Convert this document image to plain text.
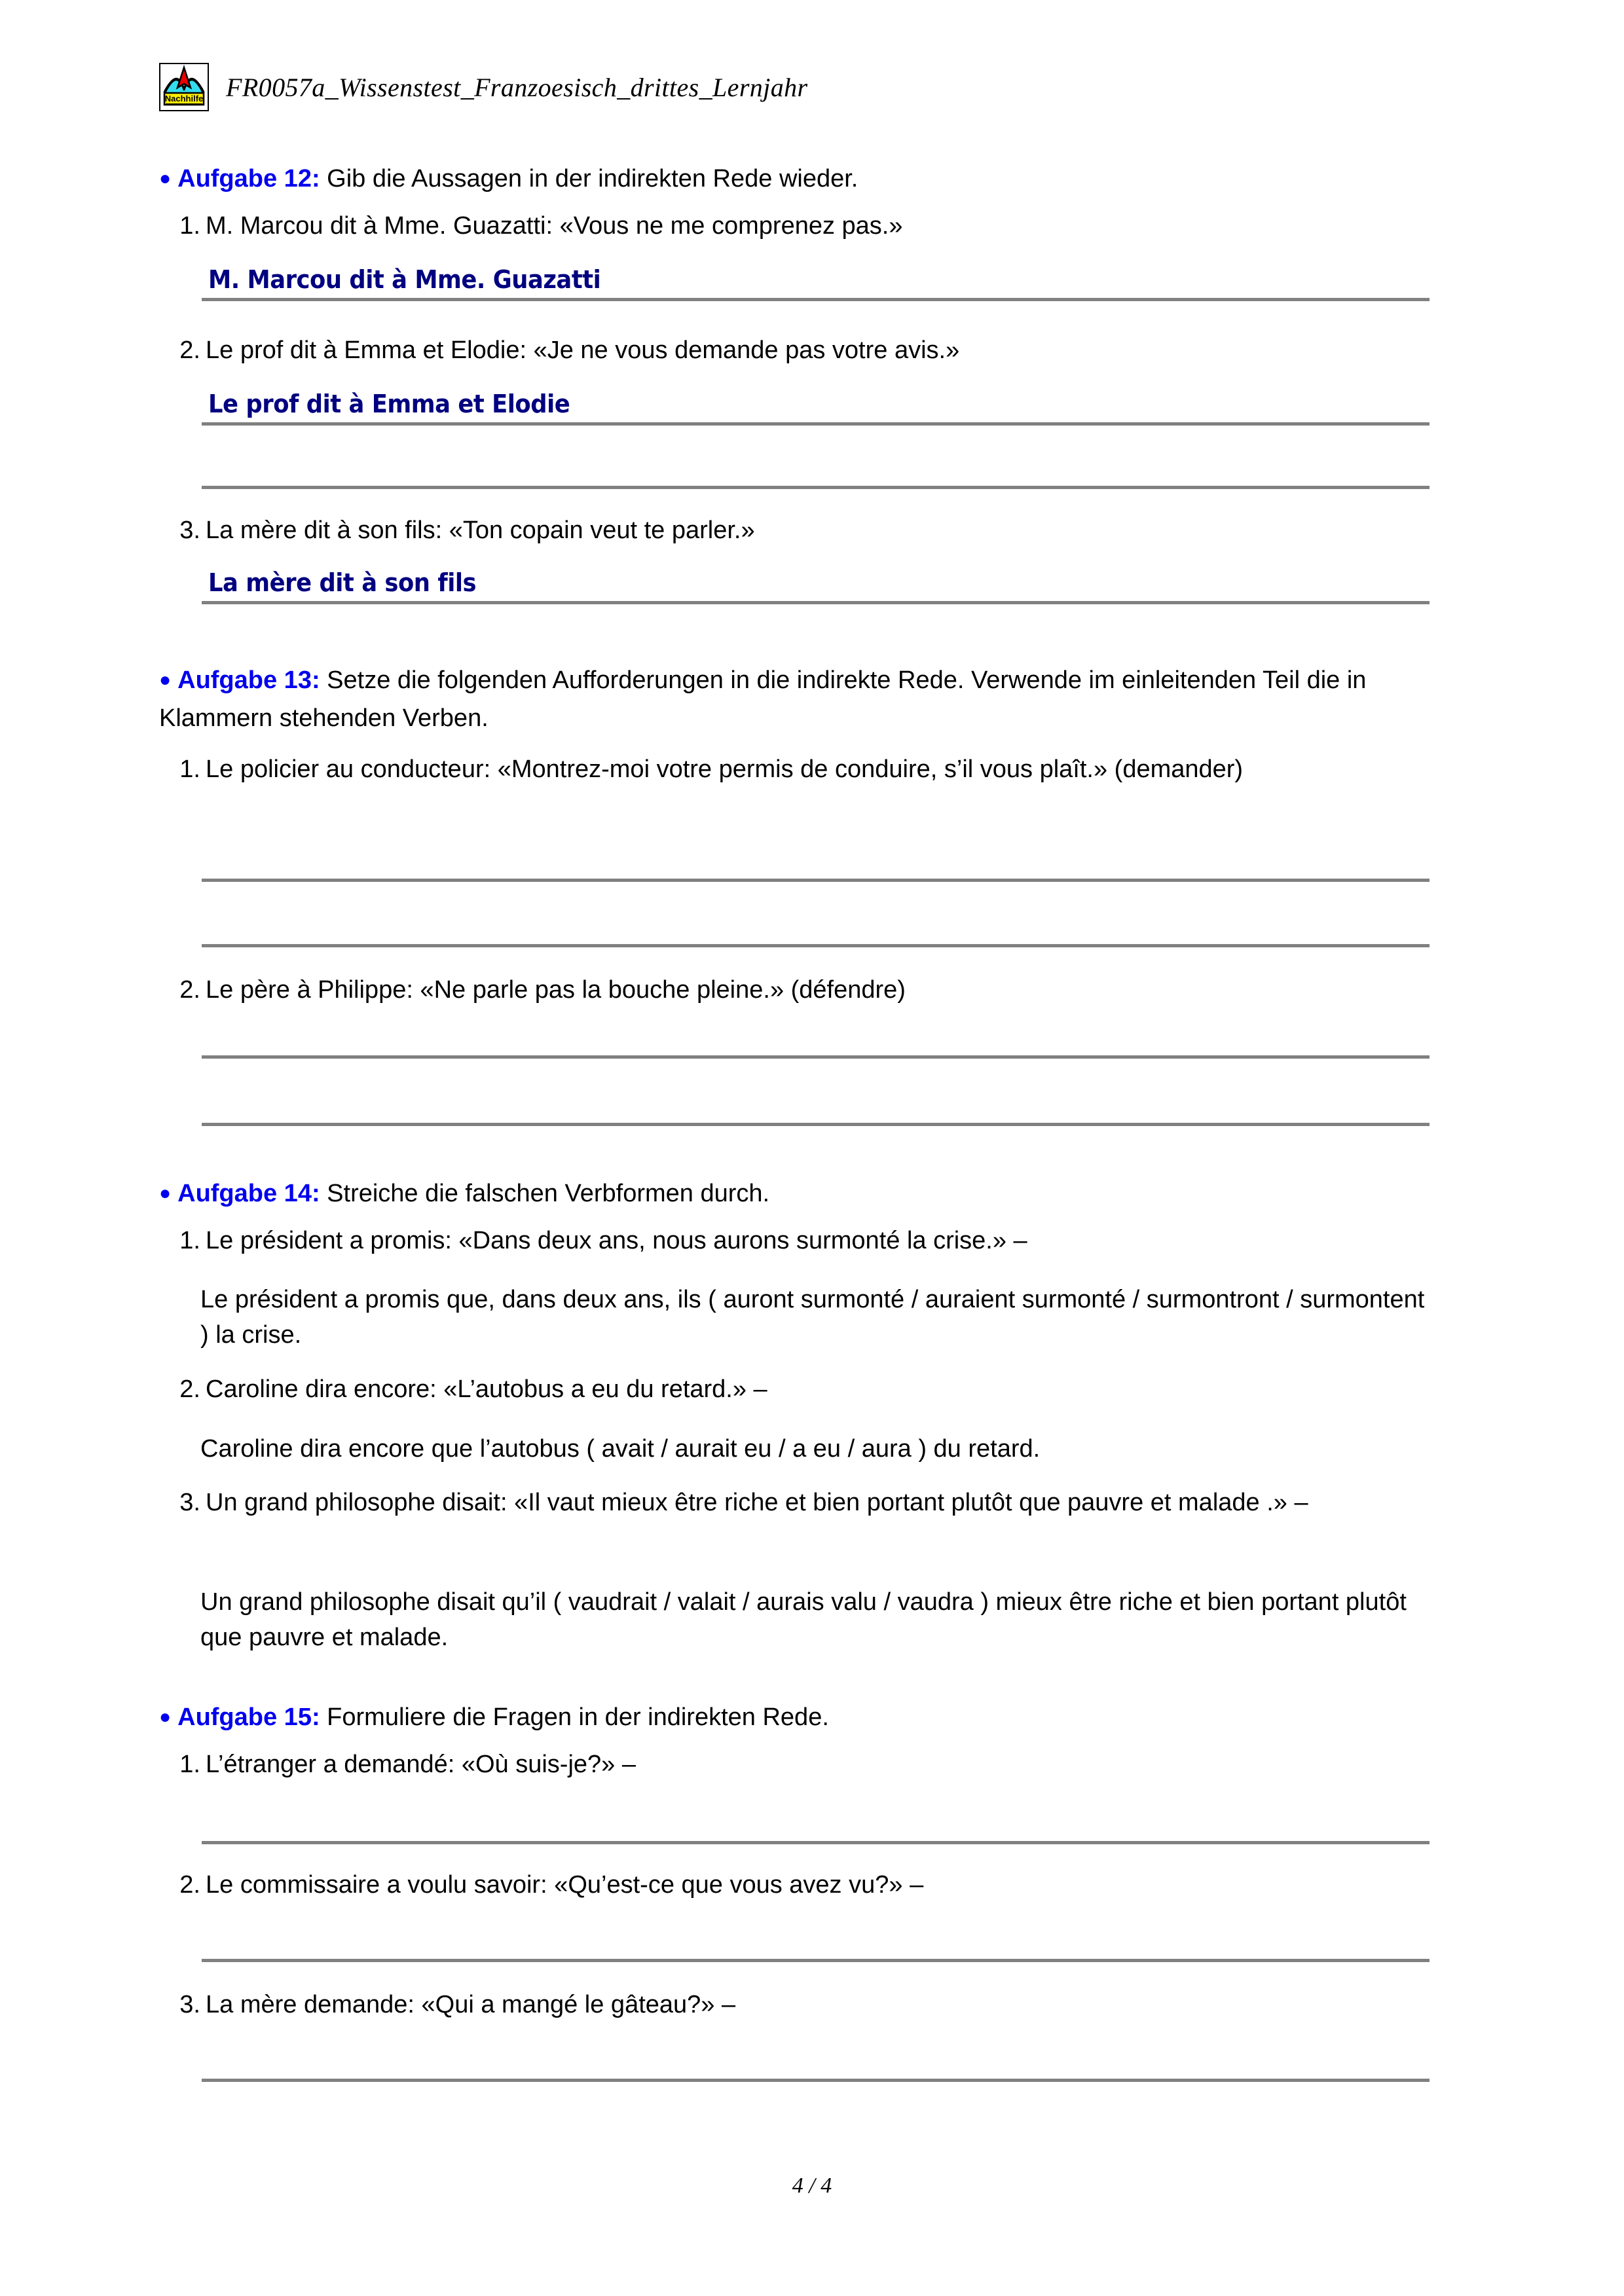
Nachhilfe FR0057a_Wissenstest_Franzoesisch_drittes_Lernjahr
● Aufgabe 12: Gib die Aussagen in der indirekten Rede wieder.
1. M. Marcou dit à Mme. Guazatti: «Vous ne me comprenez pas.»
M. Marcou dit à Mme. Guazatti
2. Le prof dit à Emma et Elodie: «Je ne vous demande pas votre avis.»
Le prof dit à Emma et Elodie
3. La mère dit à son fils: «Ton copain veut te parler.»
La mère dit à son fils
● Aufgabe 13: Setze die folgenden Aufforderungen in die indirekte Rede. Verwende im einleitenden Teil die in Klammern stehenden Verben.
1. Le policier au conducteur: «Montrez-moi votre permis de conduire, s’il vous plaît.» (demander)
2. Le père à Philippe: «Ne parle pas la bouche pleine.» (défendre)
● Aufgabe 14: Streiche die falschen Verbformen durch.
1. Le président a promis: «Dans deux ans, nous aurons surmonté la crise.» –
Le président a promis que, dans deux ans, ils ( auront surmonté / auraient surmonté / surmontront / surmontent ) la crise.
2. Caroline dira encore: «L’autobus a eu du retard.» –
Caroline dira encore que l’autobus ( avait / aurait eu / a eu / aura ) du retard.
3. Un grand philosophe disait: «Il vaut mieux être riche et bien portant plutôt que pauvre et malade .» –
Un grand philosophe disait qu’il ( vaudrait / valait / aurais valu / vaudra ) mieux être riche et bien portant plutôt que pauvre et malade.
● Aufgabe 15: Formuliere die Fragen in der indirekten Rede.
1. L’étranger a demandé: «Où suis-je?» –
2. Le commissaire a voulu savoir: «Qu’est-ce que vous avez vu?» –
3. La mère demande: «Qui a mangé le gâteau?» –
4 / 4
